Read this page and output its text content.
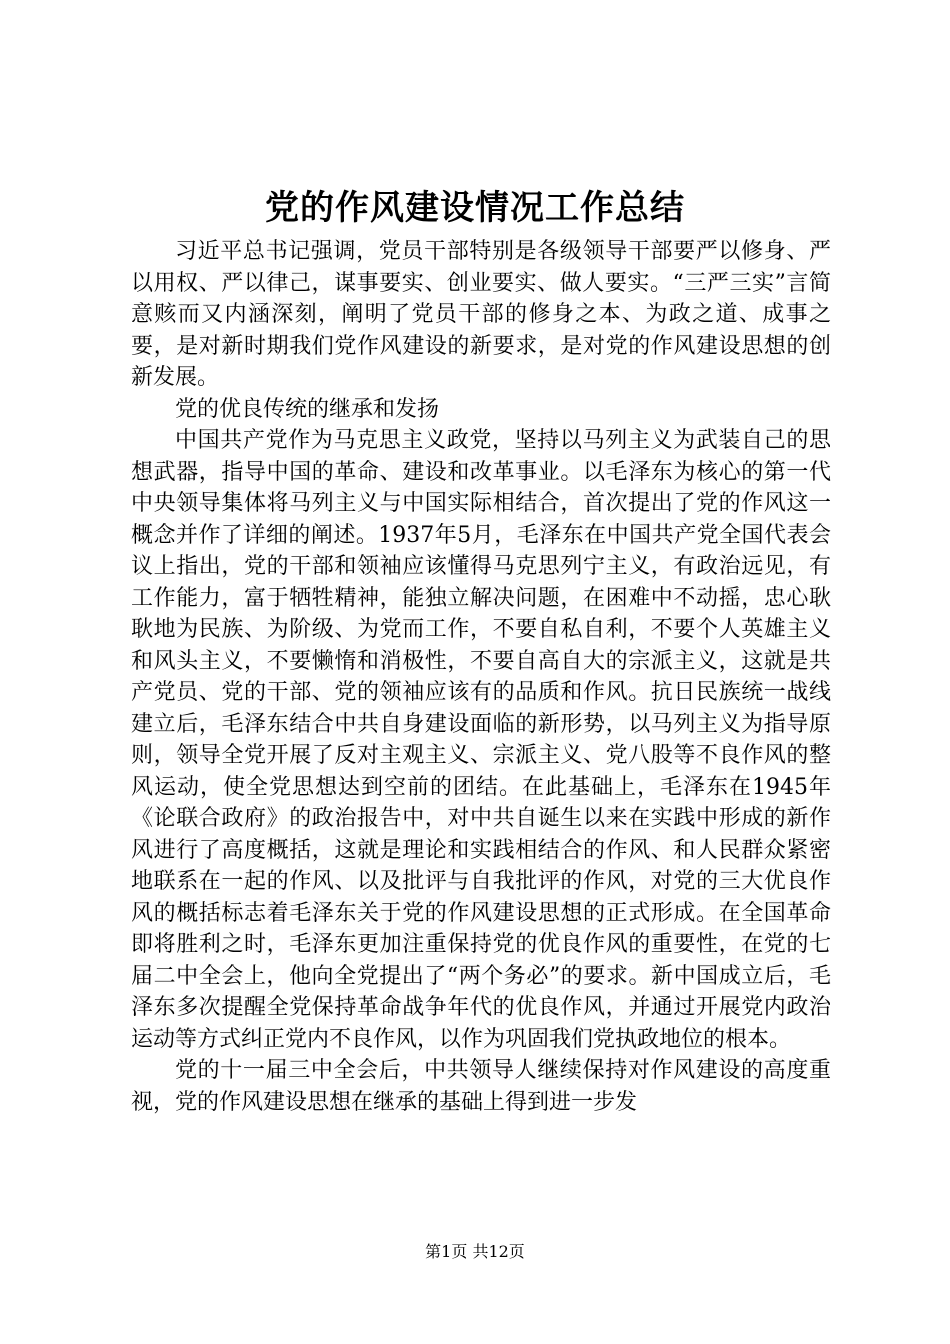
党的作风建设情况工作总结

习近平总书记强调，党员干部特别是各级领导干部要严以修身、严以用权、严以律己，谋事要实、创业要实、做人要实。“三严三实”言简意赅而又内涵深刻，阐明了党员干部的修身之本、为政之道、成事之要，是对新时期我们党作风建设的新要求，是对党的作风建设思想的创新发展。

党的优良传统的继承和发扬

中国共产党作为马克思主义政党，坚持以马列主义为武装自己的思想武器，指导中国的革命、建设和改革事业。以毛泽东为核心的第一代中央领导集体将马列主义与中国实际相结合，首次提出了党的作风这一概念并作了详细的阐述。1937年5月，毛泽东在中国共产党全国代表会议上指出，党的干部和领袖应该懂得马克思列宁主义，有政治远见，有工作能力，富于牺牲精神，能独立解决问题，在困难中不动摇，忠心耿耿地为民族、为阶级、为党而工作，不要自私自利，不要个人英雄主义和风头主义，不要懒惰和消极性，不要自高自大的宗派主义，这就是共产党员、党的干部、党的领袖应该有的品质和作风。抗日民族统一战线建立后，毛泽东结合中共自身建设面临的新形势，以马列主义为指导原则，领导全党开展了反对主观主义、宗派主义、党八股等不良作风的整风运动，使全党思想达到空前的团结。在此基础上，毛泽东在1945年《论联合政府》的政治报告中，对中共自诞生以来在实践中形成的新作风进行了高度概括，这就是理论和实践相结合的作风、和人民群众紧密地联系在一起的作风、以及批评与自我批评的作风，对党的三大优良作风的概括标志着毛泽东关于党的作风建设思想的正式形成。在全国革命即将胜利之时，毛泽东更加注重保持党的优良作风的重要性，在党的七届二中全会上，他向全党提出了“两个务必”的要求。新中国成立后，毛泽东多次提醒全党保持革命战争年代的优良作风，并通过开展党内政治运动等方式纠正党内不良作风，以作为巩固我们党执政地位的根本。

党的十一届三中全会后，中共领导人继续保持对作风建设的高度重视，党的作风建设思想在继承的基础上得到进一步发

第1页 共12页
